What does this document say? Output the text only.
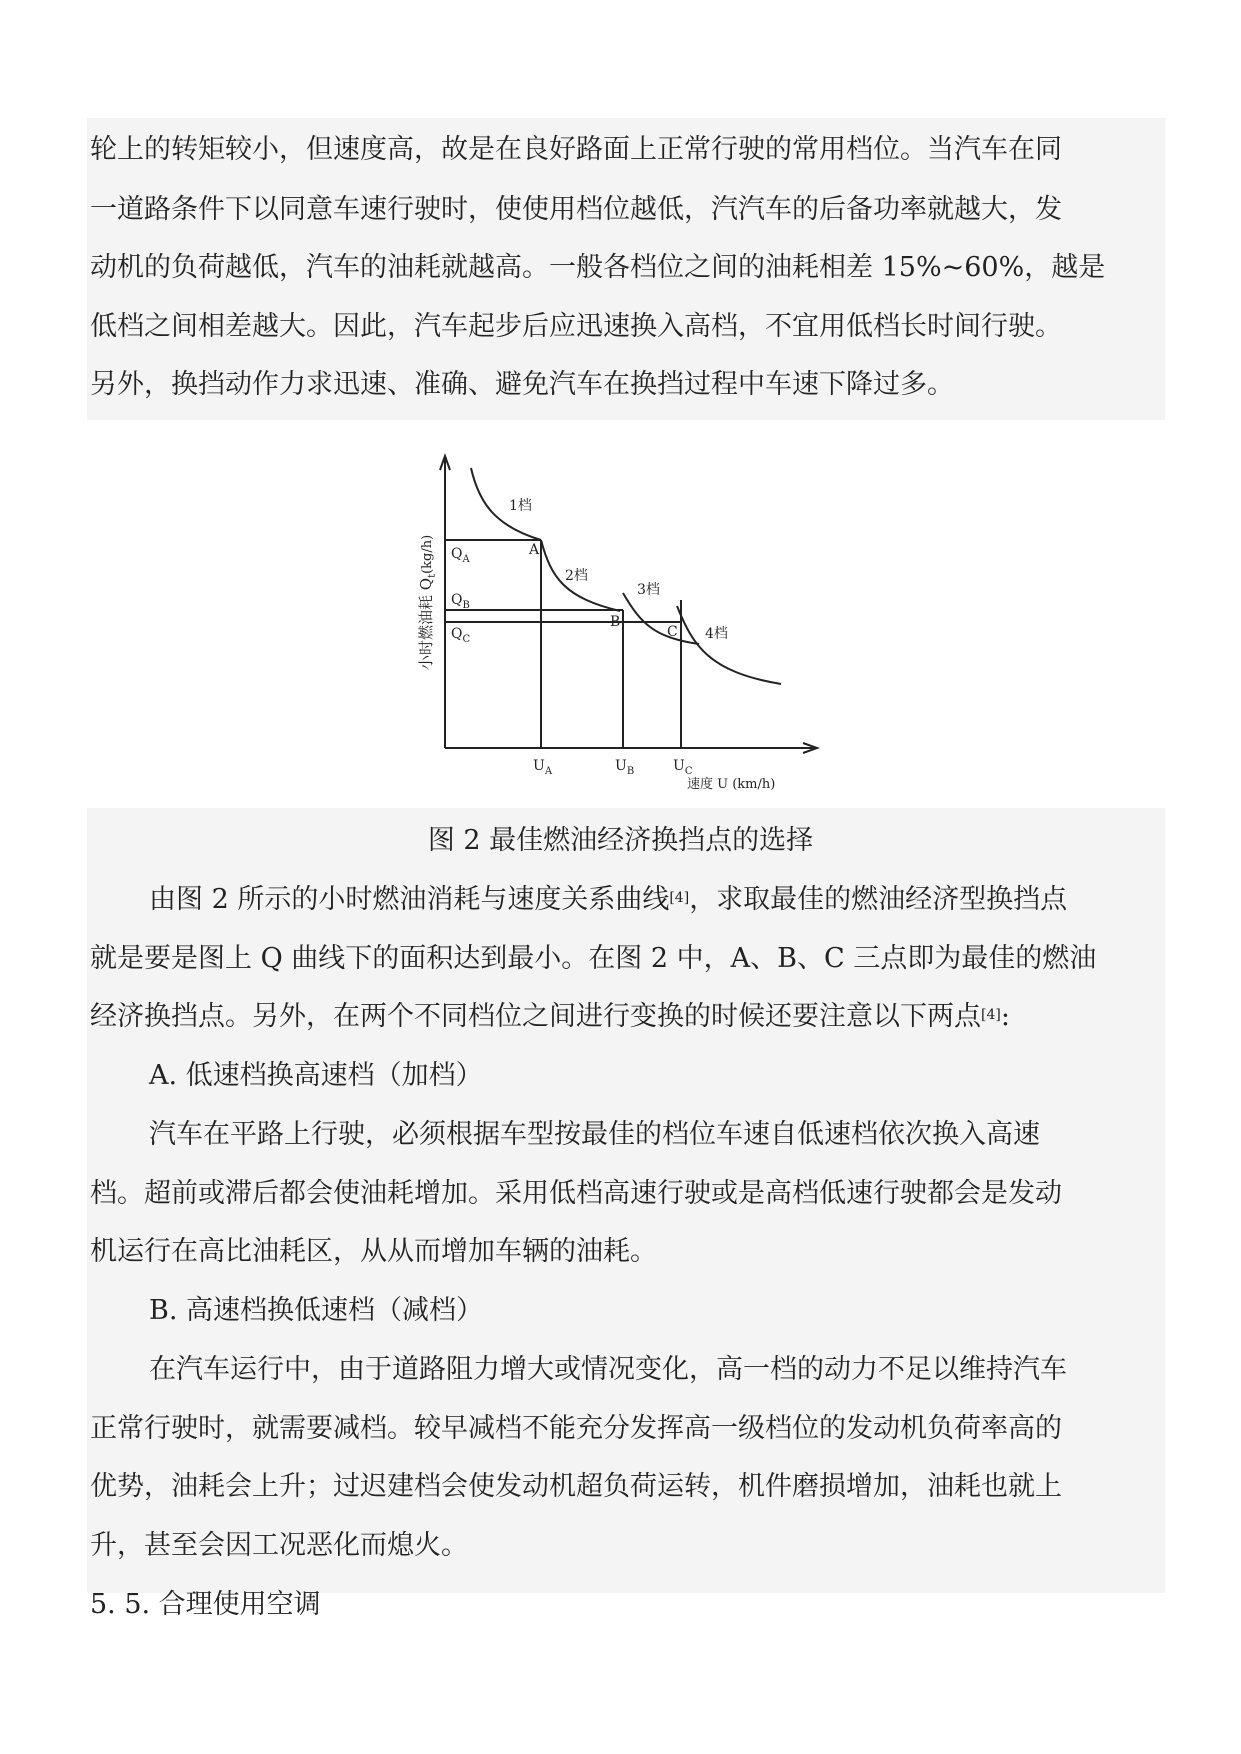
轮上的转矩较小，但速度高，故是在良好路面上正常行驶的常用档位。当汽车在同
一道路条件下以同意车速行驶时，使使用档位越低，汽汽车的后备功率就越大，发
动机的负荷越低，汽车的油耗就越高。一般各档位之间的油耗相差 15%~60%，越是
低档之间相差越大。因此，汽车起步后应迅速换入高档，不宜用低档长时间行驶。
另外，换挡动作力求迅速、准确、避免汽车在换挡过程中车速下降过多。
小时燃油耗 $Q_t(kg/h)$
1档
2档
3档
4档
A
B
C
$Q_A$
$Q_B$
$Q_C$
$U_A$	$U_B$	$U_C$
速度 U (km/h)
图 2 最佳燃油经济换挡点的选择
由图 2 所示的小时燃油消耗与速度关系曲线[4]，求取最佳的燃油经济型换挡点
就是要是图上 Q 曲线下的面积达到最小。在图 2 中，A、B、C 三点即为最佳的燃油
经济换挡点。另外，在两个不同档位之间进行变换的时候还要注意以下两点[4]:
A. 低速档换高速档（加档）
汽车在平路上行驶，必须根据车型按最佳的档位车速自低速档依次换入高速
档。超前或滞后都会使油耗增加。采用低档高速行驶或是高档低速行驶都会是发动
机运行在高比油耗区，从从而增加车辆的油耗。
B. 高速档换低速档（减档）
在汽车运行中，由于道路阻力增大或情况变化，高一档的动力不足以维持汽车
正常行驶时，就需要减档。较早减档不能充分发挥高一级档位的发动机负荷率高的
优势，油耗会上升；过迟建档会使发动机超负荷运转，机件磨损增加，油耗也就上
升，甚至会因工况恶化而熄火。
5. 5. 合理使用空调
